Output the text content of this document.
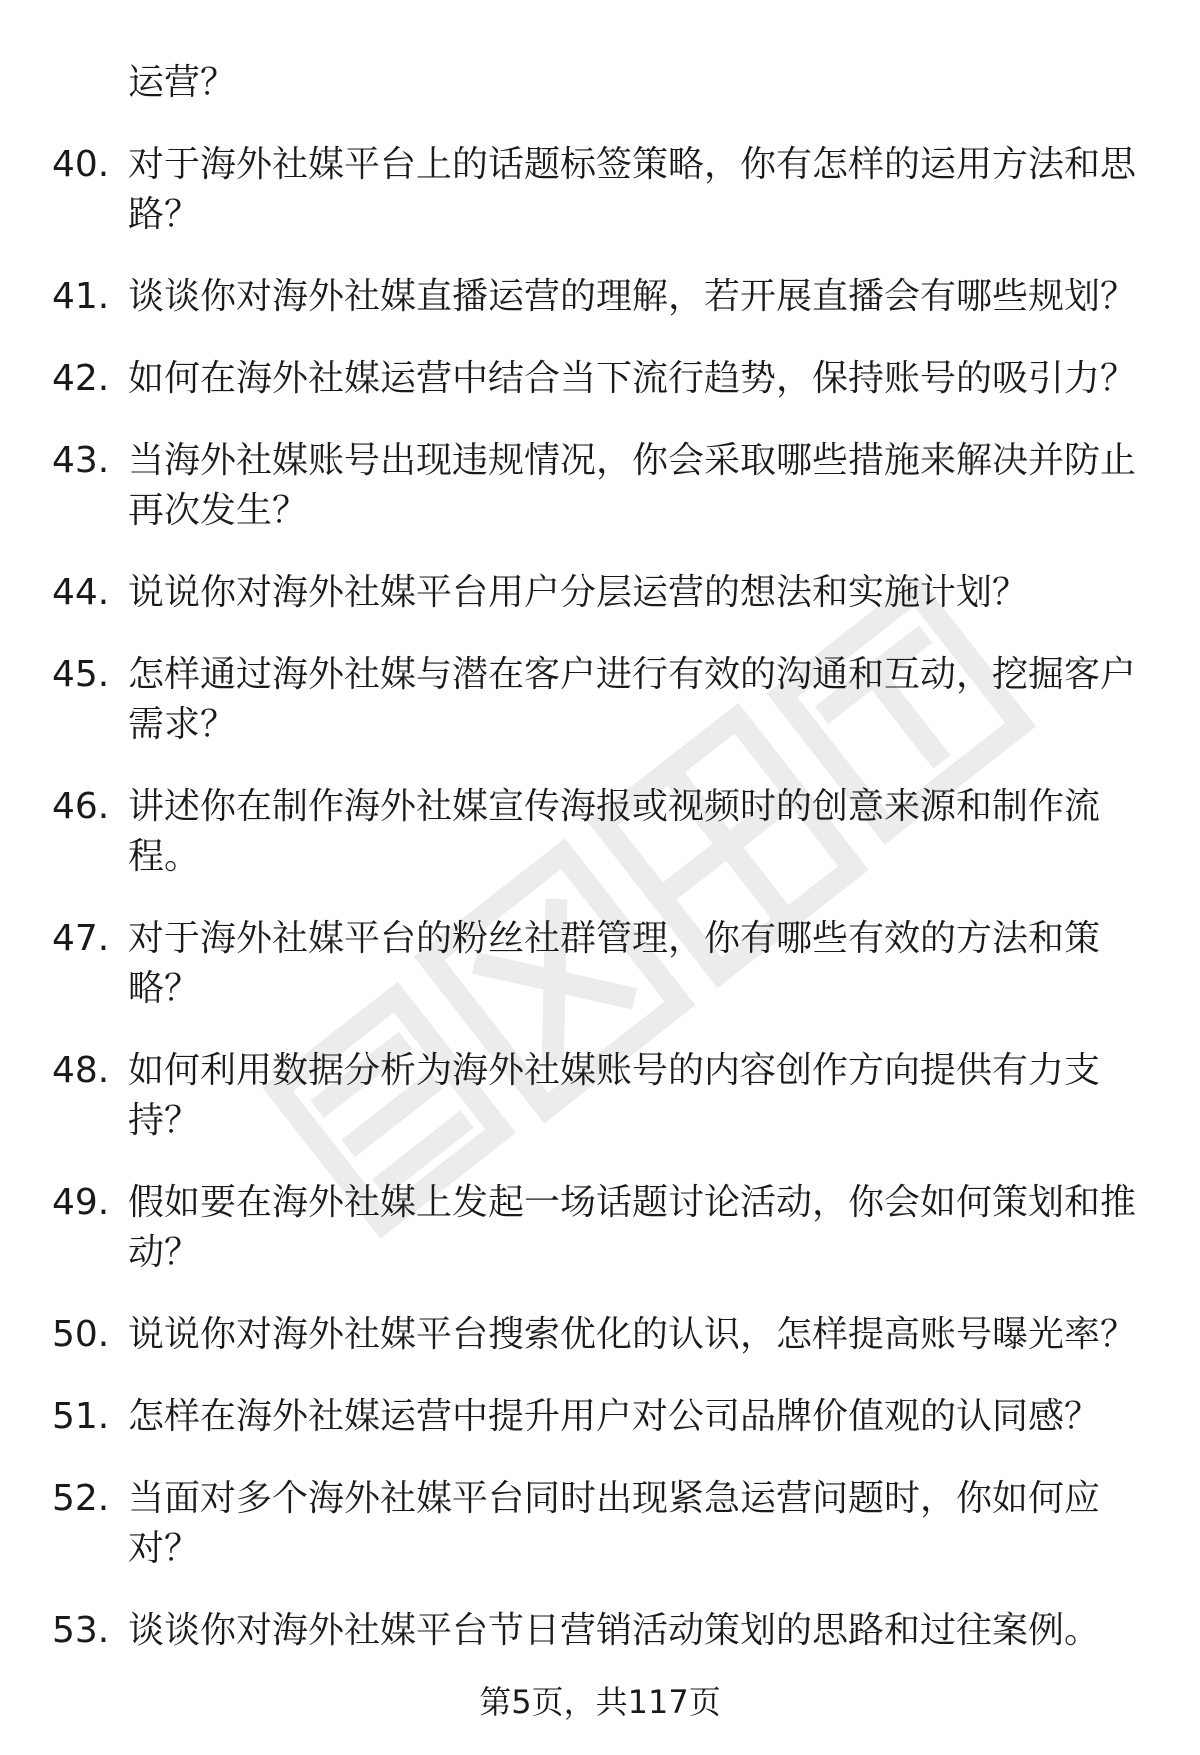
运营？
40. 对于海外社媒平台上的话题标签策略，你有怎样的运用方法和思路？
41. 谈谈你对海外社媒直播运营的理解，若开展直播会有哪些规划？
42. 如何在海外社媒运营中结合当下流行趋势，保持账号的吸引力？
43. 当海外社媒账号出现违规情况，你会采取哪些措施来解决并防止再次发生？
44. 说说你对海外社媒平台用户分层运营的想法和实施计划？
45. 怎样通过海外社媒与潜在客户进行有效的沟通和互动，挖掘客户需求？
46. 讲述你在制作海外社媒宣传海报或视频时的创意来源和制作流程。
47. 对于海外社媒平台的粉丝社群管理，你有哪些有效的方法和策略？
48. 如何利用数据分析为海外社媒账号的内容创作方向提供有力支持？
49. 假如要在海外社媒上发起一场话题讨论活动，你会如何策划和推动？
50. 说说你对海外社媒平台搜索优化的认识，怎样提高账号曝光率？
51. 怎样在海外社媒运营中提升用户对公司品牌价值观的认同感？
52. 当面对多个海外社媒平台同时出现紧急运营问题时，你如何应对？
53. 谈谈你对海外社媒平台节日营销活动策划的思路和过往案例。
第5页，共117页
